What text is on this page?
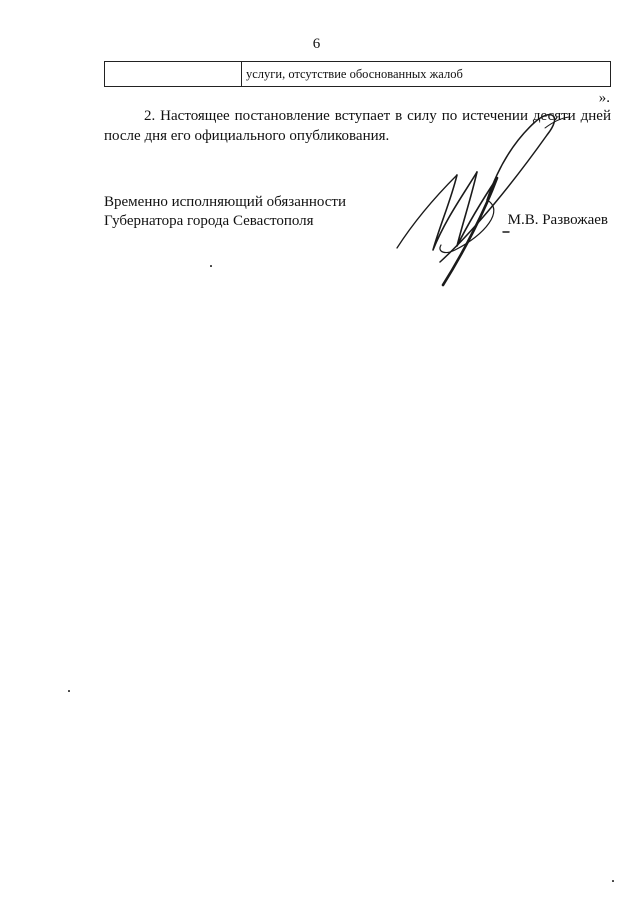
6
услуги, отсутствие обоснованных жалоб
».

2. Настоящее постановление вступает в силу по истечении десяти дней после дня его официального опубликования.

Временно исполняющий обязанности
Губернатора города Севастополя	М.В. Развожаев
